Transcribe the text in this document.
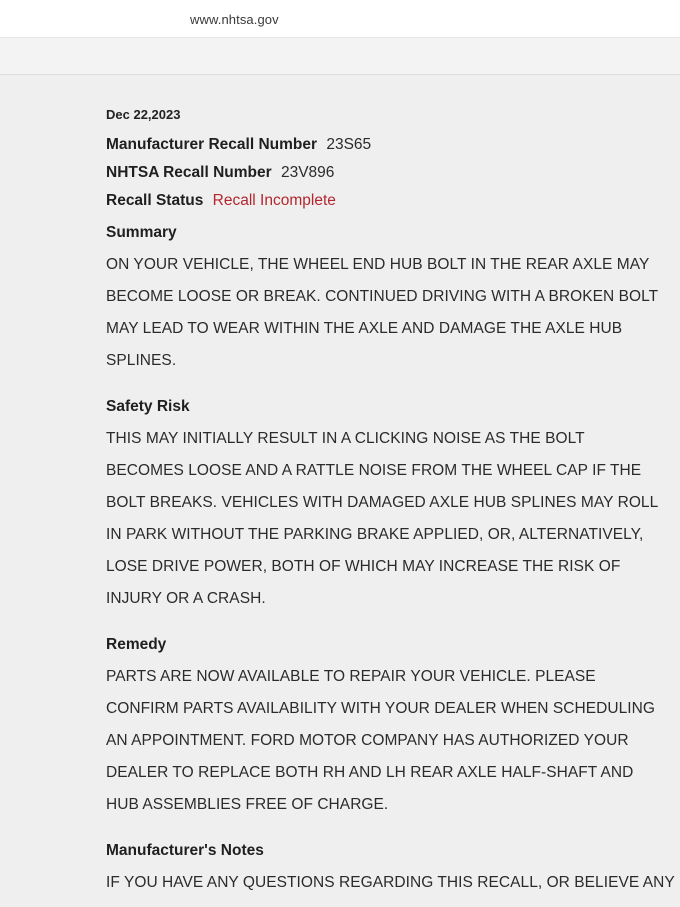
www.nhtsa.gov
Dec 22,2023
Manufacturer Recall Number 23S65
NHTSA Recall Number 23V896
Recall Status Recall Incomplete
Summary
ON YOUR VEHICLE, THE WHEEL END HUB BOLT IN THE REAR AXLE MAY
BECOME LOOSE OR BREAK. CONTINUED DRIVING WITH A BROKEN BOLT
MAY LEAD TO WEAR WITHIN THE AXLE AND DAMAGE THE AXLE HUB
SPLINES.
Safety Risk
THIS MAY INITIALLY RESULT IN A CLICKING NOISE AS THE BOLT
BECOMES LOOSE AND A RATTLE NOISE FROM THE WHEEL CAP IF THE
BOLT BREAKS. VEHICLES WITH DAMAGED AXLE HUB SPLINES MAY ROLL
IN PARK WITHOUT THE PARKING BRAKE APPLIED, OR, ALTERNATIVELY,
LOSE DRIVE POWER, BOTH OF WHICH MAY INCREASE THE RISK OF
INJURY OR A CRASH.
Remedy
PARTS ARE NOW AVAILABLE TO REPAIR YOUR VEHICLE. PLEASE
CONFIRM PARTS AVAILABILITY WITH YOUR DEALER WHEN SCHEDULING
AN APPOINTMENT. FORD MOTOR COMPANY HAS AUTHORIZED YOUR
DEALER TO REPLACE BOTH RH AND LH REAR AXLE HALF-SHAFT AND
HUB ASSEMBLIES FREE OF CHARGE.
Manufacturer's Notes
IF YOU HAVE ANY QUESTIONS REGARDING THIS RECALL, OR BELIEVE ANY
